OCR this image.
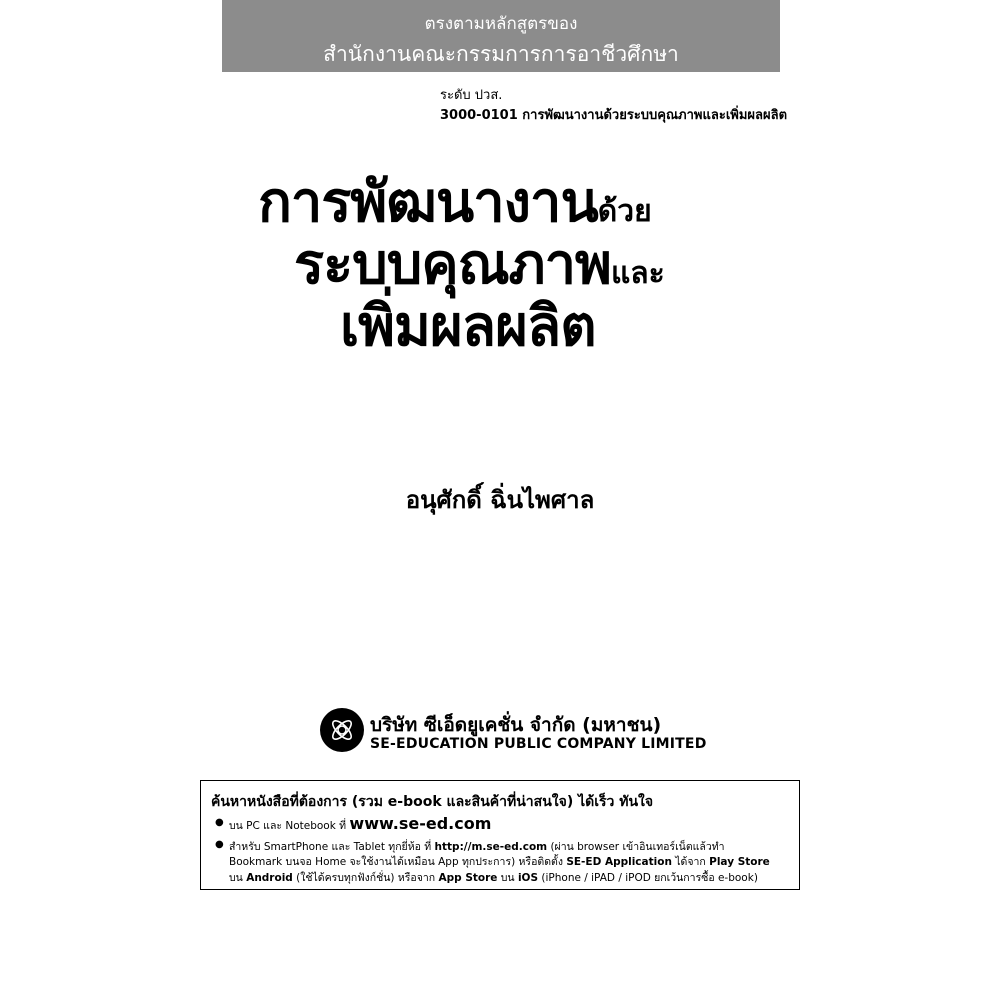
ตรงตามหลักสูตรของ
สำนักงานคณะกรรมการการอาชีวศึกษา
ระดับ ปวส.
3000-0101 การพัฒนางานด้วยระบบคุณภาพและเพิ่มผลผลิต
การพัฒนางานด้วย
ระบบคุณภาพและ
เพิ่มผลผลิต
อนุศักดิ์ ฉิ่นไพศาล
บริษัท ซีเอ็ดยูเคชั่น จำกัด (มหาชน)
SE-EDUCATION PUBLIC COMPANY LIMITED
ค้นหาหนังสือที่ต้องการ (รวม e-book และสินค้าที่น่าสนใจ) ได้เร็ว ทันใจ
● บน PC และ Notebook ที่ www.se-ed.com
● สำหรับ SmartPhone และ Tablet ทุกยี่ห้อ ที่ http://m.se-ed.com (ผ่าน browser เข้าอินเทอร์เน็ตแล้วทำ
Bookmark บนจอ Home จะใช้งานได้เหมือน App ทุกประการ) หรือติดตั้ง SE-ED Application ได้จาก Play Store
บน Android (ใช้ได้ครบทุกฟังก์ชั่น) หรือจาก App Store บน iOS (iPhone / iPAD / iPOD ยกเว้นการซื้อ e-book)
